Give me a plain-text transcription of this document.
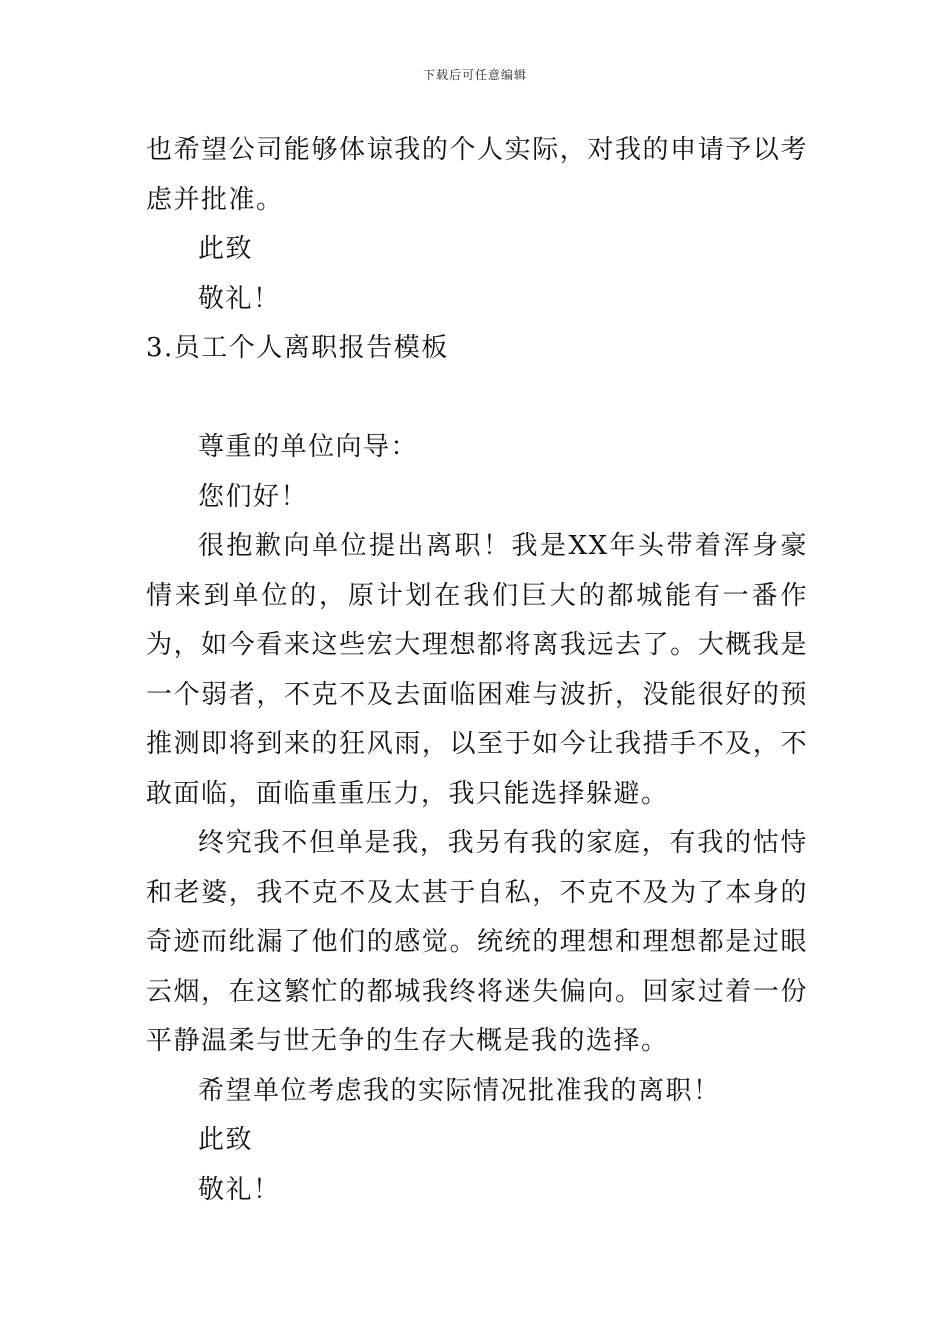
下载后可任意编辑

也希望公司能够体谅我的个人实际，对我的申请予以考虑并批准。

此致

敬礼！

3.员工个人离职报告模板

尊重的单位向导：

您们好！

很抱歉向单位提出离职！我是XX年头带着浑身豪情来到单位的，原计划在我们巨大的都城能有一番作为，如今看来这些宏大理想都将离我远去了。大概我是一个弱者，不克不及去面临困难与波折，没能很好的预推测即将到来的狂风雨，以至于如今让我措手不及，不敢面临，面临重重压力，我只能选择躲避。

终究我不但单是我，我另有我的家庭，有我的怙恃和老婆，我不克不及太甚于自私，不克不及为了本身的奇迹而纰漏了他们的感觉。统统的理想和理想都是过眼云烟，在这繁忙的都城我终将迷失偏向。回家过着一份平静温柔与世无争的生存大概是我的选择。

希望单位考虑我的实际情况批准我的离职！

此致

敬礼！
